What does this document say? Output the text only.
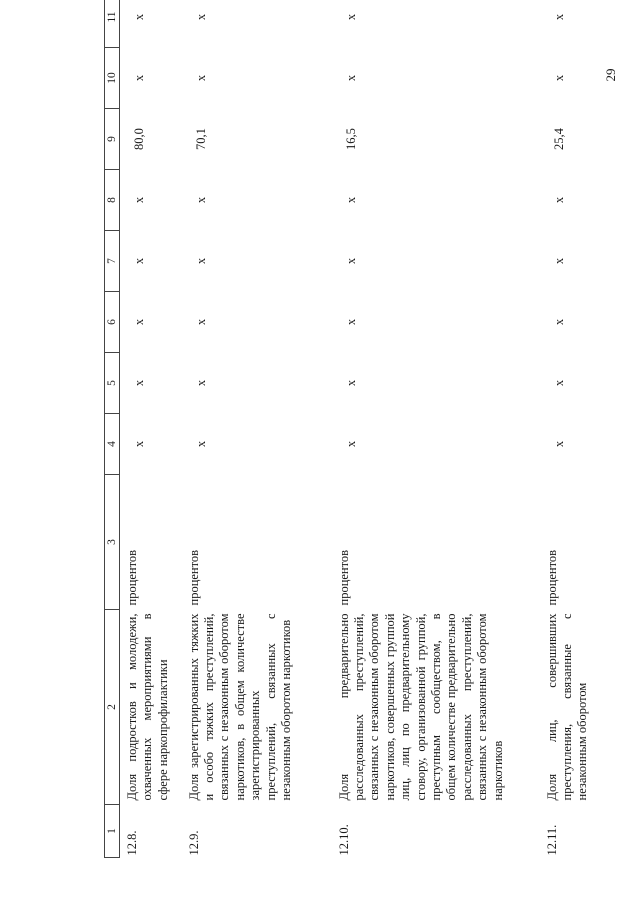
29
1	2	3	4	5	6	7	8	9	10	11		
12.8.	Доля подростков и молодежи, охваченных мероприятиями в сфере наркопрофилактики	процентов	x	x	x	x	x	80,0	x	x		
12.9.	Доля зарегистрированных тяжких и особо тяжких преступлений, связанных с незаконным оборотом наркотиков, в общем количестве зарегистрированных преступлений, связанных с незаконным оборотом наркотиков	процентов	x	x	x	x	x	70,1	x	x		
12.10.	Доля предварительно расследованных преступлений, связанных с незаконным оборотом наркотиков, совершенных группой лиц, лиц по предварительному сговору, организованной группой, преступным сообществом, в общем количестве предварительно расследованных преступлений, связанных с незаконным оборотом наркотиков	процентов	x	x	x	x	x	16,5	x	x		
12.11.	Доля лиц, совершивших преступления, связанные с незаконным оборотом	процентов	x	x	x	x	x	25,4	x	x		
